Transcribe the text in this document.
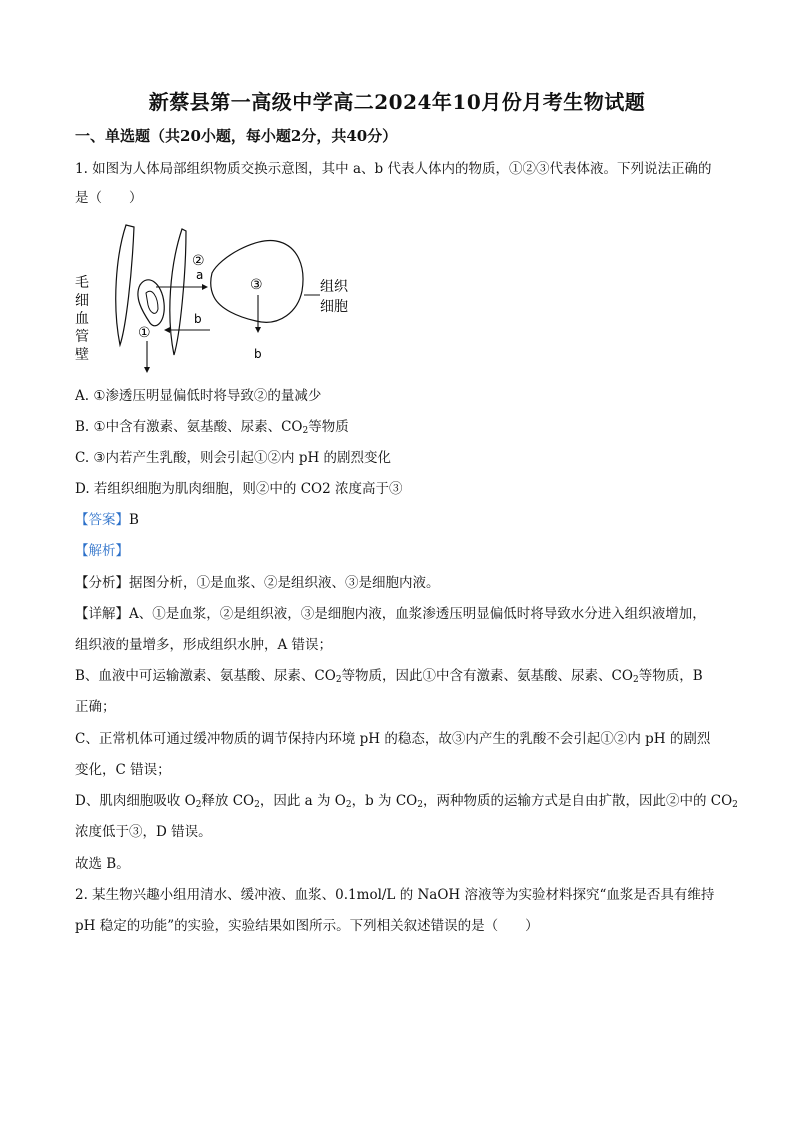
新蔡县第一高级中学高二2024年10月份月考生物试题
一、单选题（共20小题，每小题2分，共40分）
1. 如图为人体局部组织物质交换示意图，其中 a、b 代表人体内的物质，①②③代表体液。下列说法正确的
是（　　）
毛
细
血
管
壁
a
②
b
①
③
b
组织
细胞
A. ①渗透压明显偏低时将导致②的量减少
B. ①中含有激素、氨基酸、尿素、$CO_2$等物质
C. ③内若产生乳酸，则会引起①②内 pH 的剧烈变化
D. 若组织细胞为肌肉细胞，则②中的 CO2 浓度高于③
【答案】B
【解析】
【分析】据图分析，①是血浆、②是组织液、③是细胞内液。
【详解】A、①是血浆，②是组织液，③是细胞内液，血浆渗透压明显偏低时将导致水分进入组织液增加，
组织液的量增多，形成组织水肿，A 错误；
B、血液中可运输激素、氨基酸、尿素、$CO_2$等物质，因此①中含有激素、氨基酸、尿素、$CO_2$等物质，B
正确；
C、正常机体可通过缓冲物质的调节保持内环境 pH 的稳态，故③内产生的乳酸不会引起①②内 pH 的剧烈
变化，C 错误；
D、肌肉细胞吸收 $O_2$释放 $CO_2$，因此 a 为 $O_2$，b 为 $CO_2$，两种物质的运输方式是自由扩散，因此②中的 $CO_2$
浓度低于③，D 错误。
故选 B。
2. 某生物兴趣小组用清水、缓冲液、血浆、0.1mol/L 的 NaOH 溶液等为实验材料探究“血浆是否具有维持
pH 稳定的功能”的实验，实验结果如图所示。下列相关叙述错误的是（　　）
